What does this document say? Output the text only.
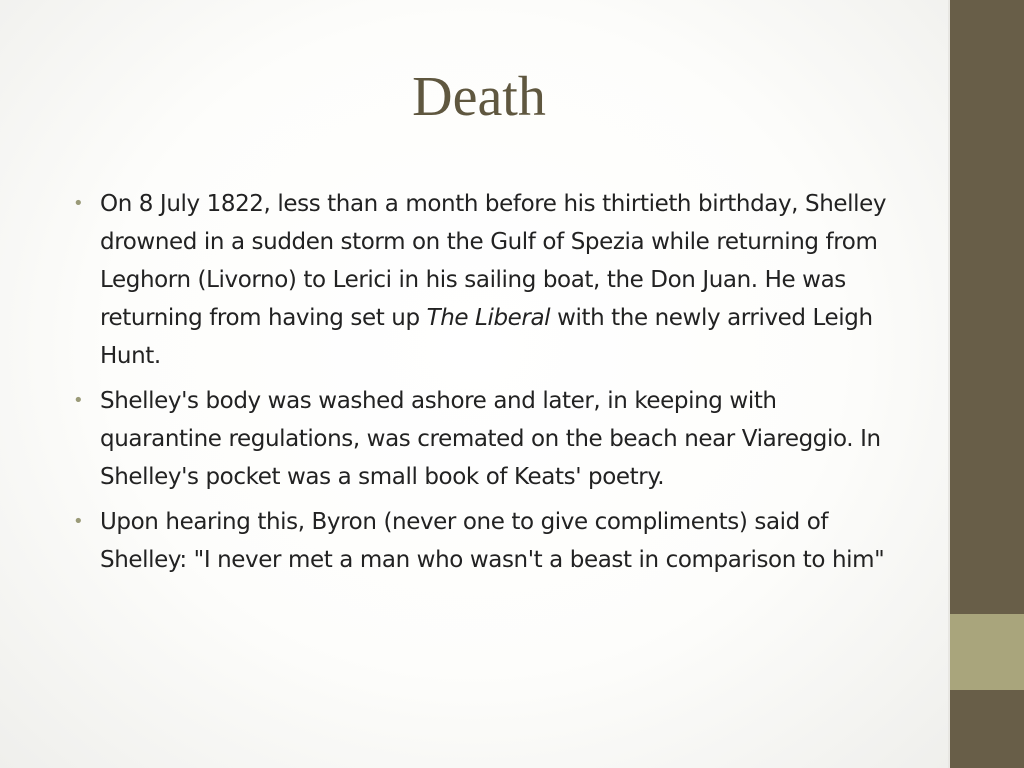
Death
• On 8 July 1822, less than a month before his thirtieth birthday, Shelley drowned in a sudden storm on the Gulf of Spezia while returning from Leghorn (Livorno) to Lerici in his sailing boat, the Don Juan. He was returning from having set up The Liberal with the newly arrived Leigh Hunt.
• Shelley's body was washed ashore and later, in keeping with quarantine regulations, was cremated on the beach near Viareggio. In Shelley's pocket was a small book of Keats' poetry.
• Upon hearing this, Byron (never one to give compliments) said of Shelley: "I never met a man who wasn't a beast in comparison to him"
